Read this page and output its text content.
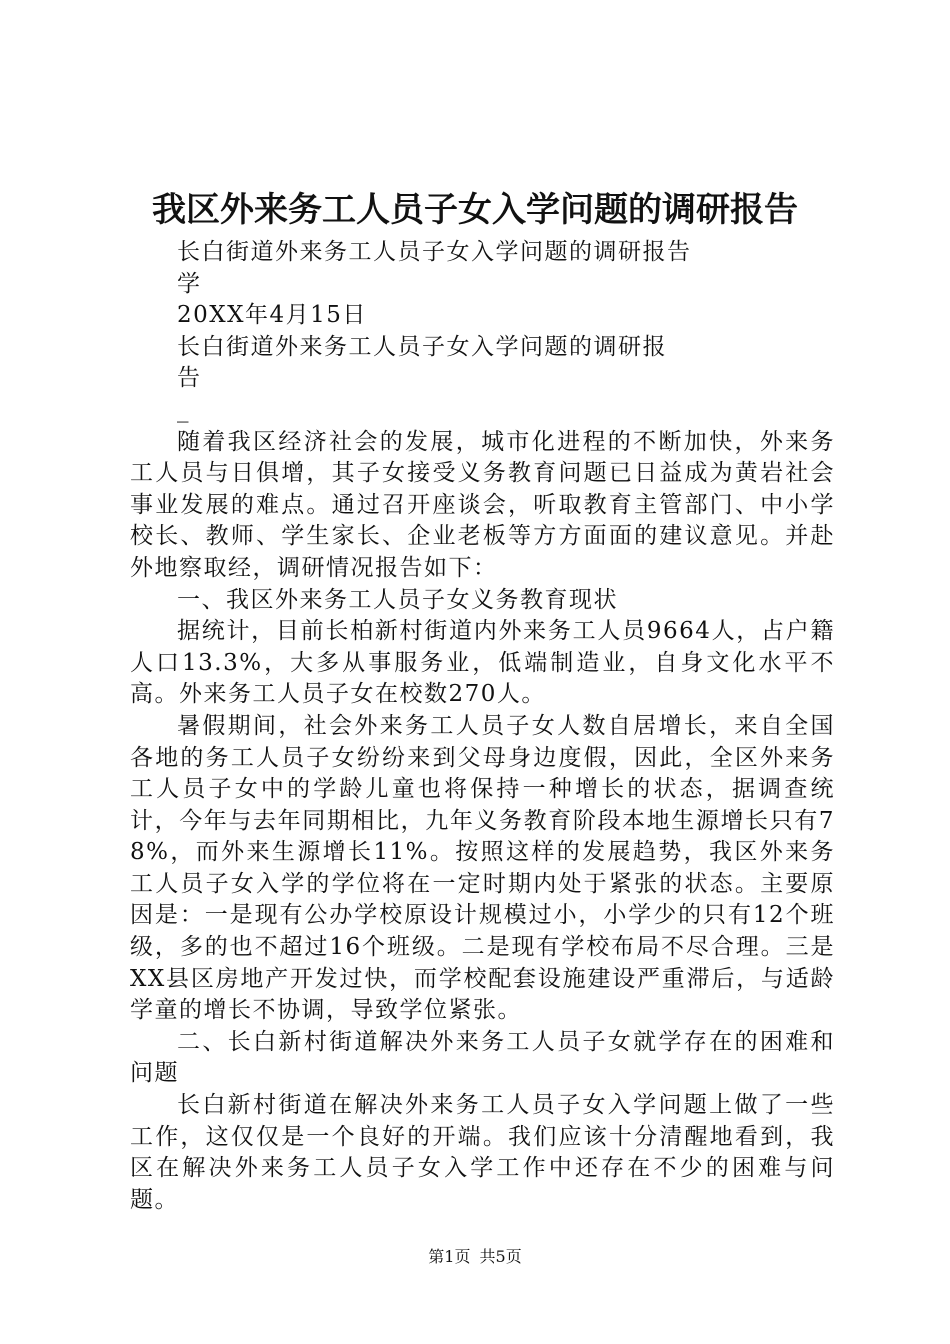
我区外来务工人员子女入学问题的调研报告
长白街道外来务工人员子女入学问题的调研报告
学
20XX年4月15日
长白街道外来务工人员子女入学问题的调研报
告
_

随着我区经济社会的发展，城市化进程的不断加快，外来务工人员与日俱增，其子女接受义务教育问题已日益成为黄岩社会事业发展的难点。通过召开座谈会，听取教育主管部门、中小学校长、教师、学生家长、企业老板等方方面面的建议意见。并赴外地察取经，调研情况报告如下：

一、我区外来务工人员子女义务教育现状

据统计，目前长柏新村街道内外来务工人员9664人，占户籍人口13.3%，大多从事服务业，低端制造业，自身文化水平不高。外来务工人员子女在校数270人。

暑假期间，社会外来务工人员子女人数自居增长，来自全国各地的务工人员子女纷纷来到父母身边度假，因此，全区外来务工人员子女中的学龄儿童也将保持一种增长的状态，据调查统计，今年与去年同期相比，九年义务教育阶段本地生源增长只有78%，而外来生源增长11%。按照这样的发展趋势，我区外来务工人员子女入学的学位将在一定时期内处于紧张的状态。主要原因是：一是现有公办学校原设计规模过小，小学少的只有12个班级，多的也不超过16个班级。二是现有学校布局不尽合理。三是XX县区房地产开发过快，而学校配套设施建设严重滞后，与适龄学童的增长不协调，导致学位紧张。

二、长白新村街道解决外来务工人员子女就学存在的困难和问题

长白新村街道在解决外来务工人员子女入学问题上做了一些工作，这仅仅是一个良好的开端。我们应该十分清醒地看到，我区在解决外来务工人员子女入学工作中还存在不少的困难与问题。

第1页 共5页
